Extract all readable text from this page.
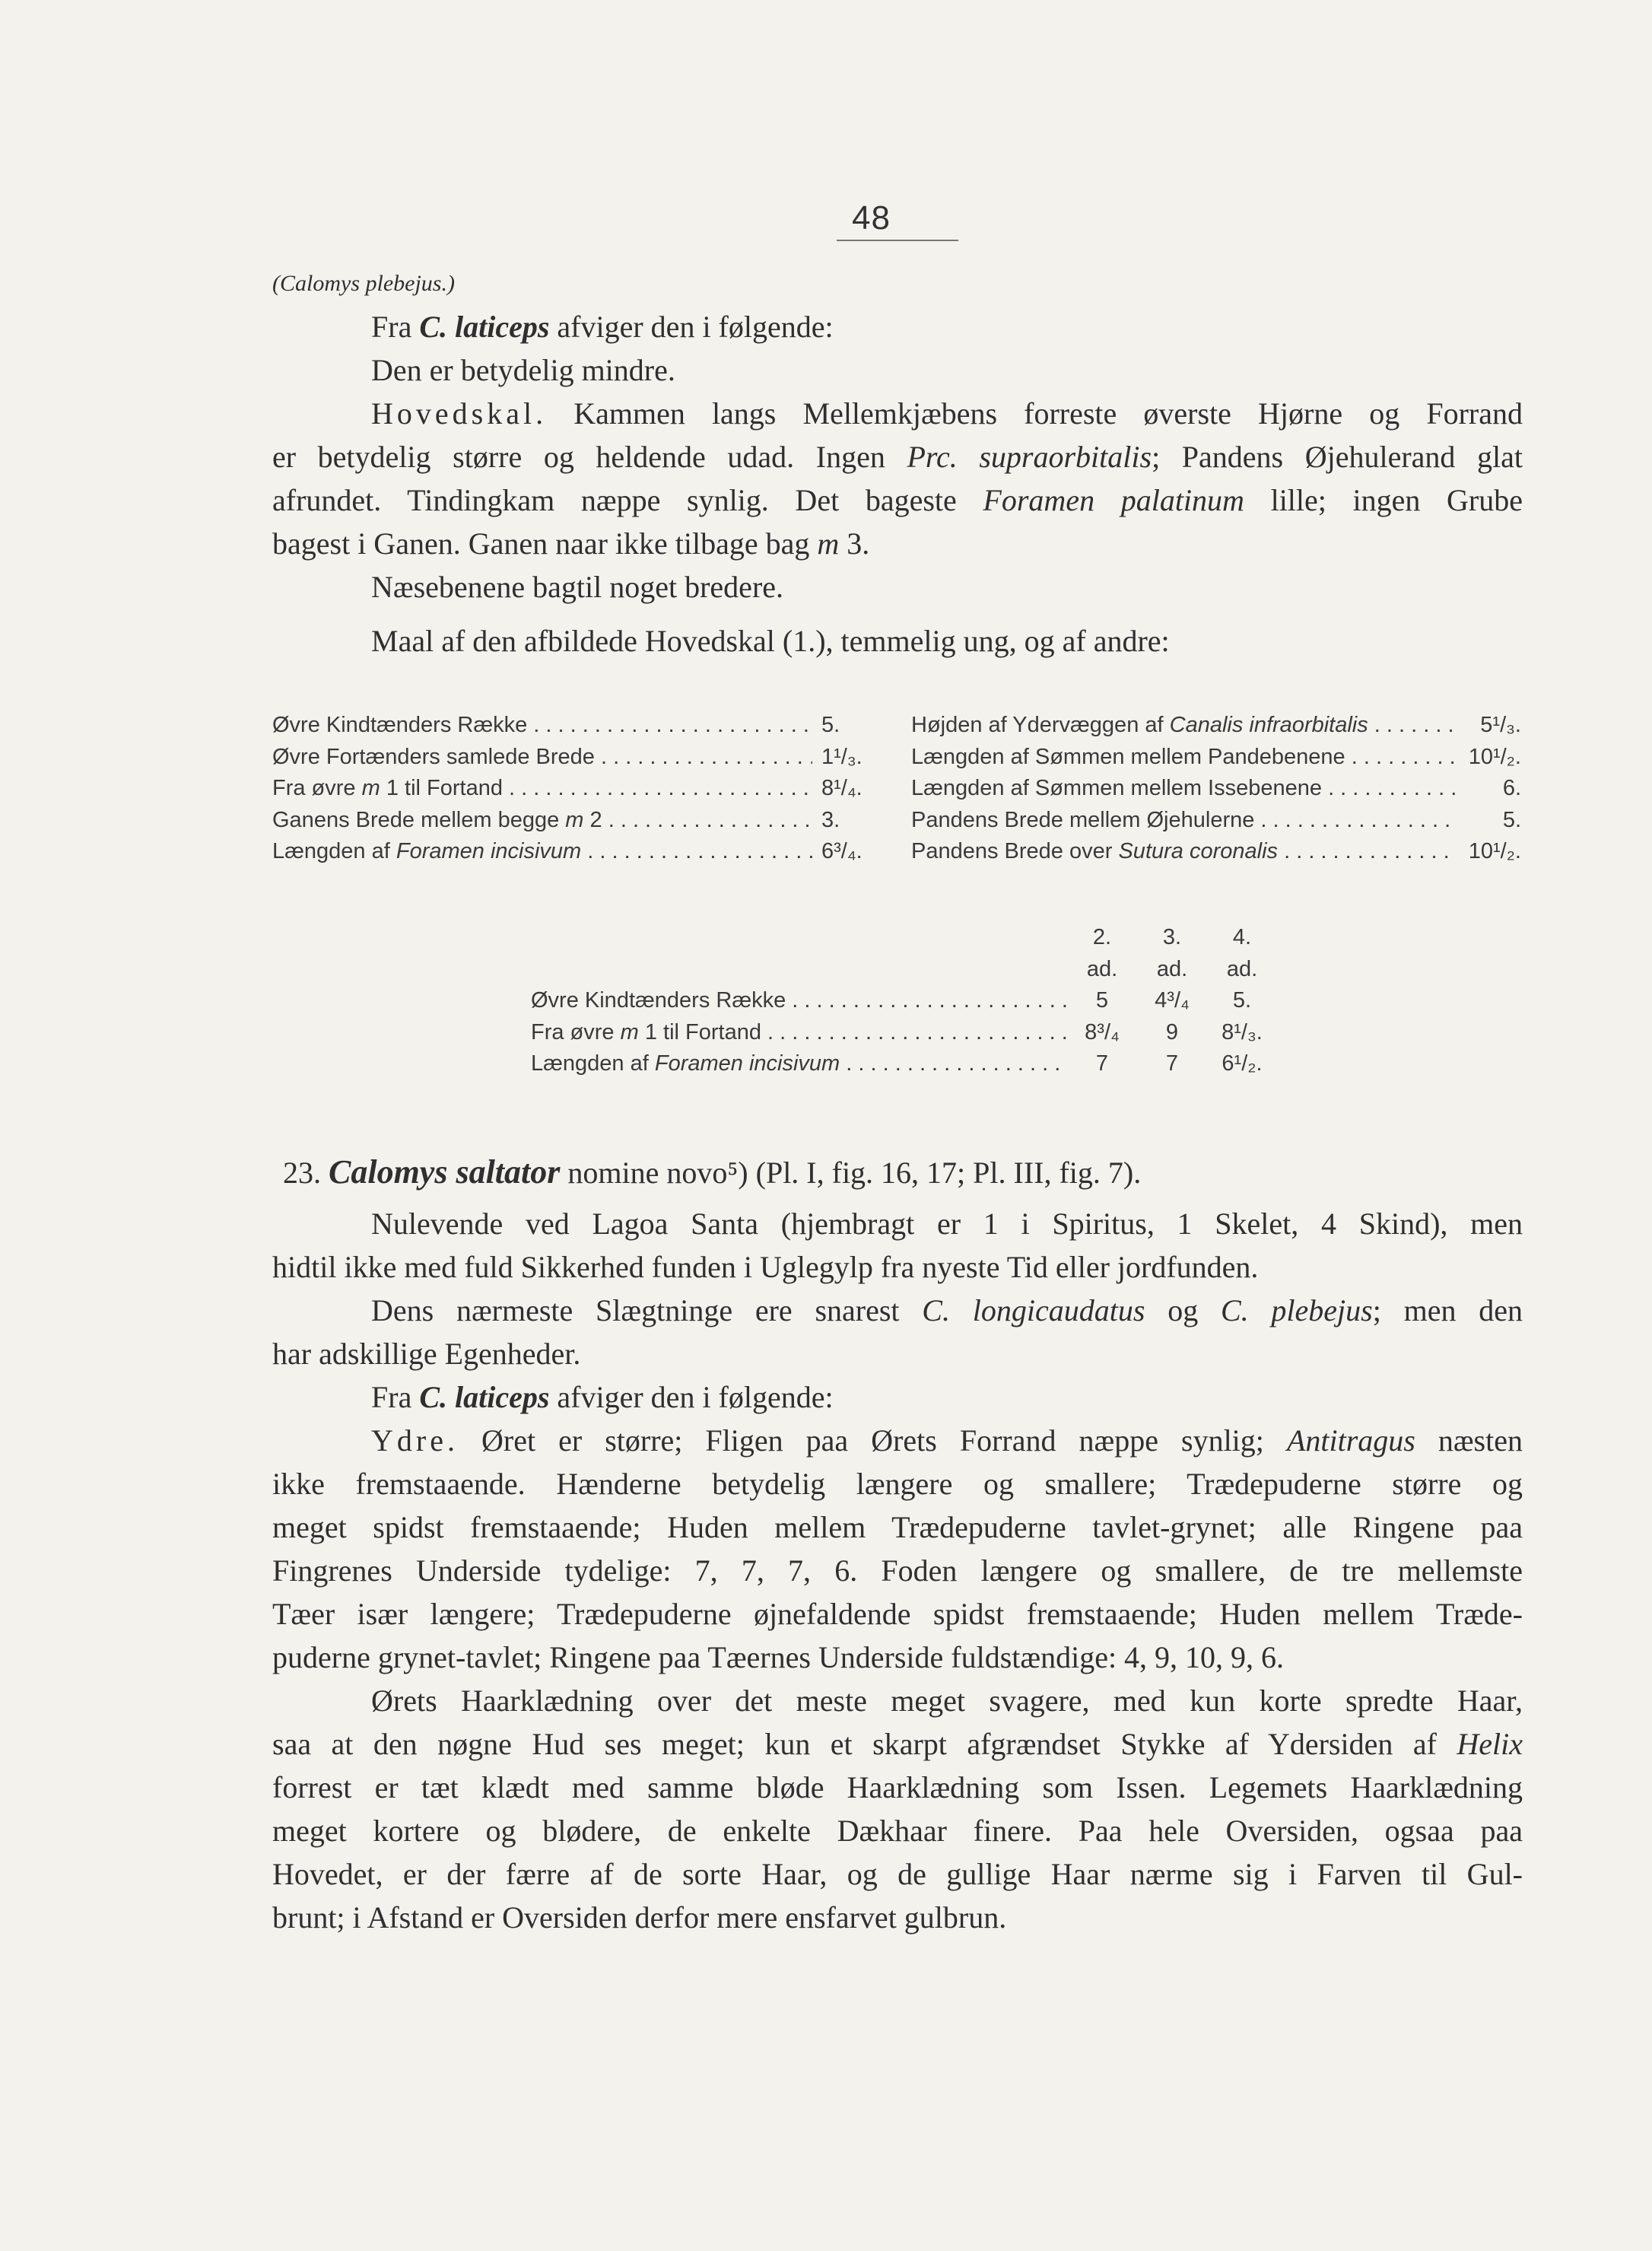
48
(Calomys plebejus.)
Fra C. laticeps afviger den i følgende:
Den er betydelig mindre.
Hovedskal. Kammen langs Mellemkjæbens forreste øverste Hjørne og Forrand
er betydelig større og heldende udad. Ingen Prc. supraorbitalis; Pandens Øjehulerand glat
afrundet. Tindingkam næppe synlig. Det bageste Foramen palatinum lille; ingen Grube
bagest i Ganen. Ganen naar ikke tilbage bag m 3.
Næsebenene bagtil noget bredere.
Maal af den afbildede Hovedskal (1.), temmelig ung, og af andre:
Øvre Kindtænders Række . . .	5.
Øvre Fortænders samlede Brede . . .	1¹/₃.
Fra øvre m 1 til Fortand . . .	8¹/₄.
Ganens Brede mellem begge m 2 . . .	3.
Længden af Foramen incisivum . . .	6³/₄.
Højden af Ydervæggen af Canalis infraorbitalis . . .	5¹/₃.
Længden af Sømmen mellem Pandebenene . . .	10¹/₂.
Længden af Sømmen mellem Issebenene . . .	6.
Pandens Brede mellem Øjehulerne . . .	5.
Pandens Brede over Sutura coronalis . . .	10¹/₂.
2.	3.	4.
ad.	ad.	ad.
Øvre Kindtænders Række . . .	5	4³/₄	5.
Fra øvre m 1 til Fortand . . .	8³/₄	9	8¹/₃.
Længden af Foramen incisivum . . .	7	7	6¹/₂.
23. Calomys saltator nomine novo⁵) (Pl. I, fig. 16, 17; Pl. III, fig. 7).
Nulevende ved Lagoa Santa (hjembragt er 1 i Spiritus, 1 Skelet, 4 Skind), men
hidtil ikke med fuld Sikkerhed funden i Uglegylp fra nyeste Tid eller jordfunden.
Dens nærmeste Slægtninge ere snarest C. longicaudatus og C. plebejus; men den
har adskillige Egenheder.
Fra C. laticeps afviger den i følgende:
Ydre. Øret er større; Fligen paa Ørets Forrand næppe synlig; Antitragus næsten
ikke fremstaaende. Hænderne betydelig længere og smallere; Trædepuderne større og
meget spidst fremstaaende; Huden mellem Trædepuderne tavlet-grynet; alle Ringene paa
Fingrenes Underside tydelige: 7, 7, 7, 6. Foden længere og smallere, de tre mellemste
Tæer især længere; Trædepuderne øjnefaldende spidst fremstaaende; Huden mellem Træde-
puderne grynet-tavlet; Ringene paa Tæernes Underside fuldstændige: 4, 9, 10, 9, 6.
Ørets Haarklædning over det meste meget svagere, med kun korte spredte Haar,
saa at den nøgne Hud ses meget; kun et skarpt afgrændset Stykke af Ydersiden af Helix
forrest er tæt klædt med samme bløde Haarklædning som Issen. Legemets Haarklædning
meget kortere og blødere, de enkelte Dækhaar finere. Paa hele Oversiden, ogsaa paa
Hovedet, er der færre af de sorte Haar, og de gullige Haar nærme sig i Farven til Gul-
brunt; i Afstand er Oversiden derfor mere ensfarvet gulbrun.
